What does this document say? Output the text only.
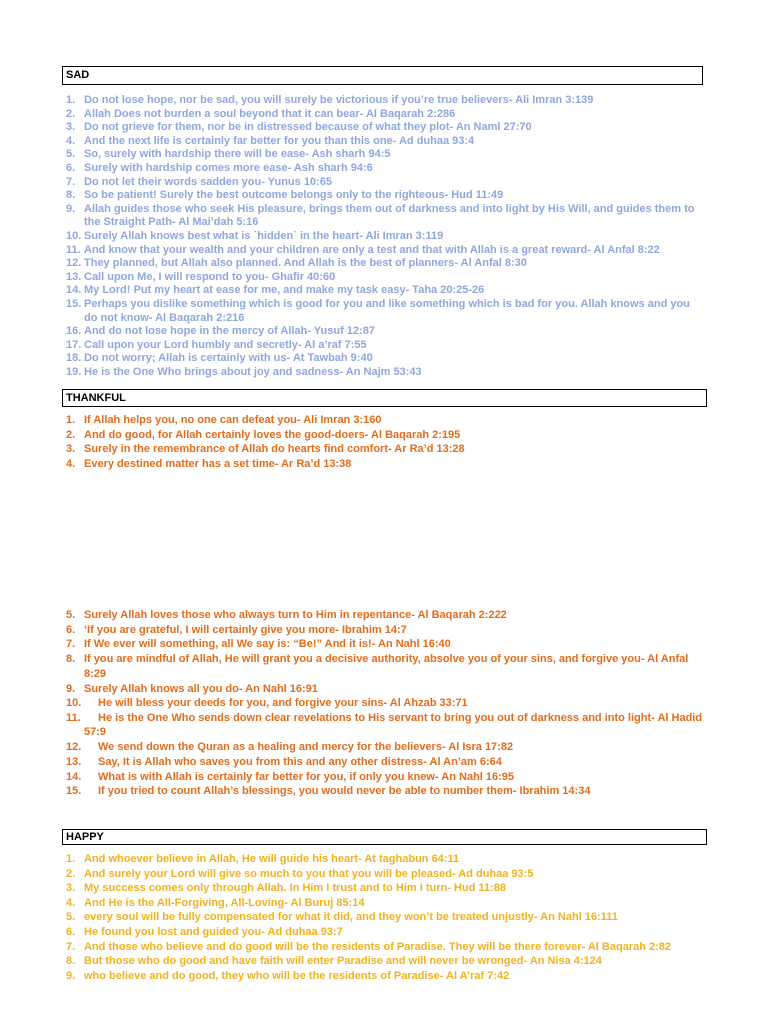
SAD
1. Do not lose hope, nor be sad, you will surely be victorious if you’re true believers- Ali Imran 3:139
2. Allah Does not burden a soul beyond that it can bear- Al Baqarah 2:286
3. Do not grieve for them, nor be in distressed because of what they plot- An Naml 27:70
4. And the next life is certainly far better for you than this one- Ad duhaa 93:4
5. So, surely with hardship there will be ease- Ash sharh 94:5
6. Surely with hardship comes more ease- Ash sharh 94:6
7. Do not let their words sadden you- Yunus 10:65
8. So be patient! Surely the best outcome belongs only to the righteous- Hud 11:49
9. Allah guides those who seek His pleasure, brings them out of darkness and into light by His Will, and guides them to the Straight Path- Al Mai’dah 5:16
10. Surely Allah knows best what is `hidden` in the heart- Ali Imran 3:119
11. And know that your wealth and your children are only a test and that with Allah is a great reward- Al Anfal 8:22
12. They planned, but Allah also planned. And Allah is the best of planners- Al Anfal 8:30
13. Call upon Me, I will respond to you- Ghafir 40:60
14. My Lord! Put my heart at ease for me, and make my task easy- Taha 20:25-26
15. Perhaps you dislike something which is good for you and like something which is bad for you. Allah knows and you do not know- Al Baqarah 2:216
16. And do not lose hope in the mercy of Allah- Yusuf 12:87
17. Call upon your Lord humbly and secretly- Al a’raf 7:55
18. Do not worry; Allah is certainly with us- At Tawbah 9:40
19. He is the One Who brings about joy and sadness- An Najm 53:43
THANKFUL
1. If Allah helps you, no one can defeat you- Ali Imran 3:160
2. And do good, for Allah certainly loves the good-doers- Al Baqarah 2:195
3. Surely in the remembrance of Allah do hearts find comfort- Ar Ra’d 13:28
4. Every destined matter has a set time- Ar Ra’d 13:38
5. Surely Allah loves those who always turn to Him in repentance- Al Baqarah 2:222
6. ‘If you are grateful, I will certainly give you more- Ibrahim 14:7
7. If We ever will something, all We say is: “Be!” And it is!- An Nahl 16:40
8. If you are mindful of Allah, He will grant you a decisive authority, absolve you of your sins, and forgive you- Al Anfal 8:29
9. Surely Allah knows all you do- An Nahl 16:91
10. He will bless your deeds for you, and forgive your sins- Al Ahzab 33:71
11. He is the One Who sends down clear revelations to His servant to bring you out of darkness and into light- Al Hadid 57:9
12. We send down the Quran as a healing and mercy for the believers- Al Isra 17:82
13. Say, It is Allah who saves you from this and any other distress- Al An’am 6:64
14. What is with Allah is certainly far better for you, if only you knew- An Nahl 16:95
15. If you tried to count Allah’s blessings, you would never be able to number them- Ibrahim 14:34
HAPPY
1. And whoever believe in Allah, He will guide his heart- At taghabun 64:11
2. And surely your Lord will give so much to you that you will be pleased- Ad duhaa 93:5
3. My success comes only through Allah. In Him I trust and to Him I turn- Hud 11:88
4. And He is the All-Forgiving, All-Loving- Al Buruj 85:14
5. every soul will be fully compensated for what it did, and they won’t be treated unjustly- An Nahl 16:111
6. He found you lost and guided you- Ad duhaa 93:7
7. And those who believe and do good will be the residents of Paradise. They will be there forever- Al Baqarah 2:82
8. But those who do good and have faith will enter Paradise and will never be wronged- An Nisa 4:124
9. who believe and do good, they who will be the residents of Paradise- Al A’raf 7:42
